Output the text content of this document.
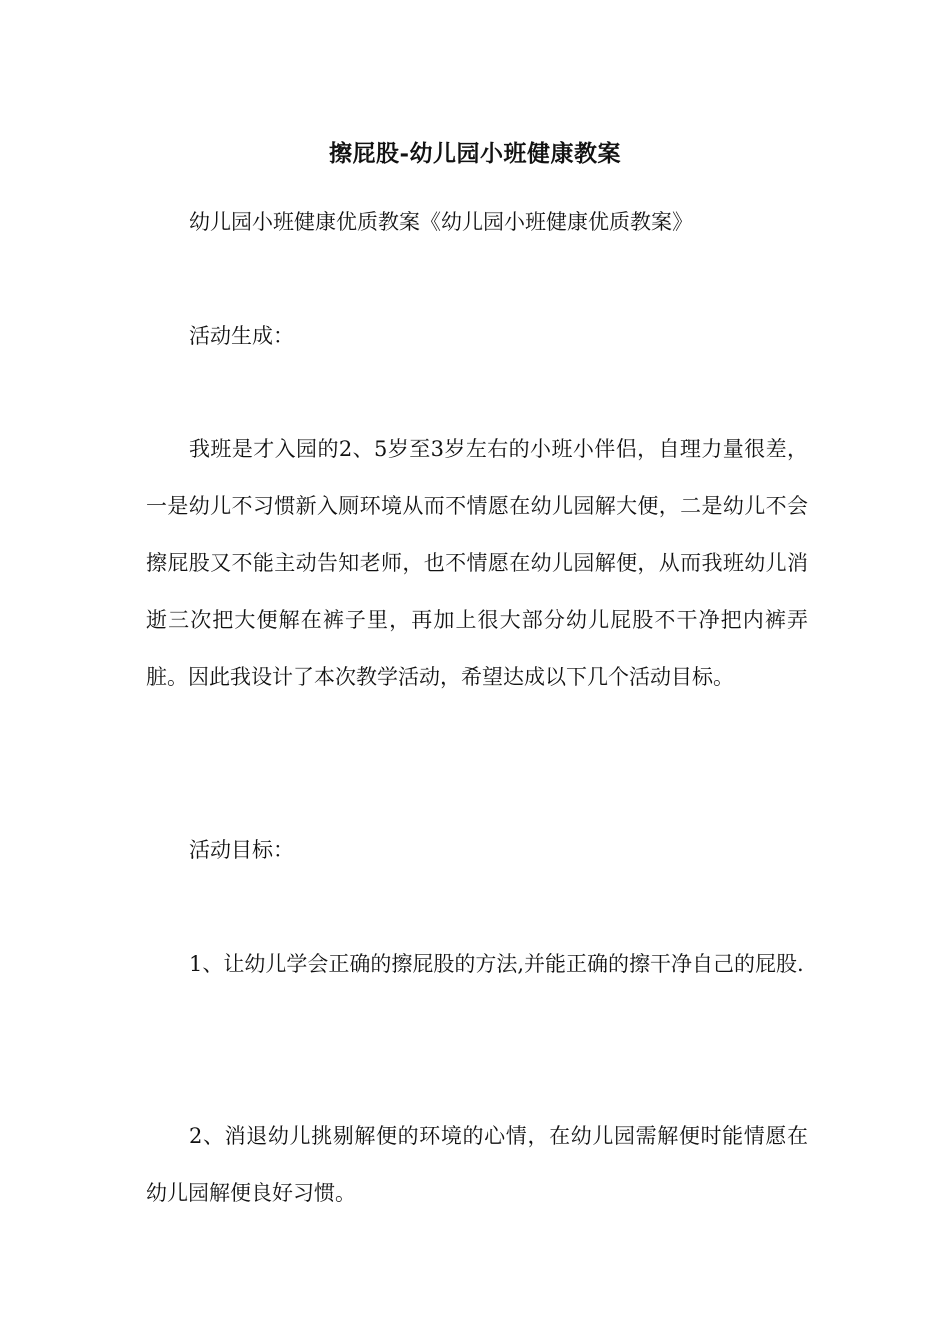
擦屁股-幼儿园小班健康教案

幼儿园小班健康优质教案《幼儿园小班健康优质教案》

活动生成：

我班是才入园的2、5岁至3岁左右的小班小伴侣，自理力量很差，一是幼儿不习惯新入厕环境从而不情愿在幼儿园解大便，二是幼儿不会擦屁股又不能主动告知老师，也不情愿在幼儿园解便，从而我班幼儿消逝三次把大便解在裤子里，再加上很大部分幼儿屁股不干净把内裤弄脏。因此我设计了本次教学活动，希望达成以下几个活动目标。

活动目标：

1、让幼儿学会正确的擦屁股的方法,并能正确的擦干净自己的屁股.

2、消退幼儿挑剔解便的环境的心情，在幼儿园需解便时能情愿在幼儿园解便良好习惯。
